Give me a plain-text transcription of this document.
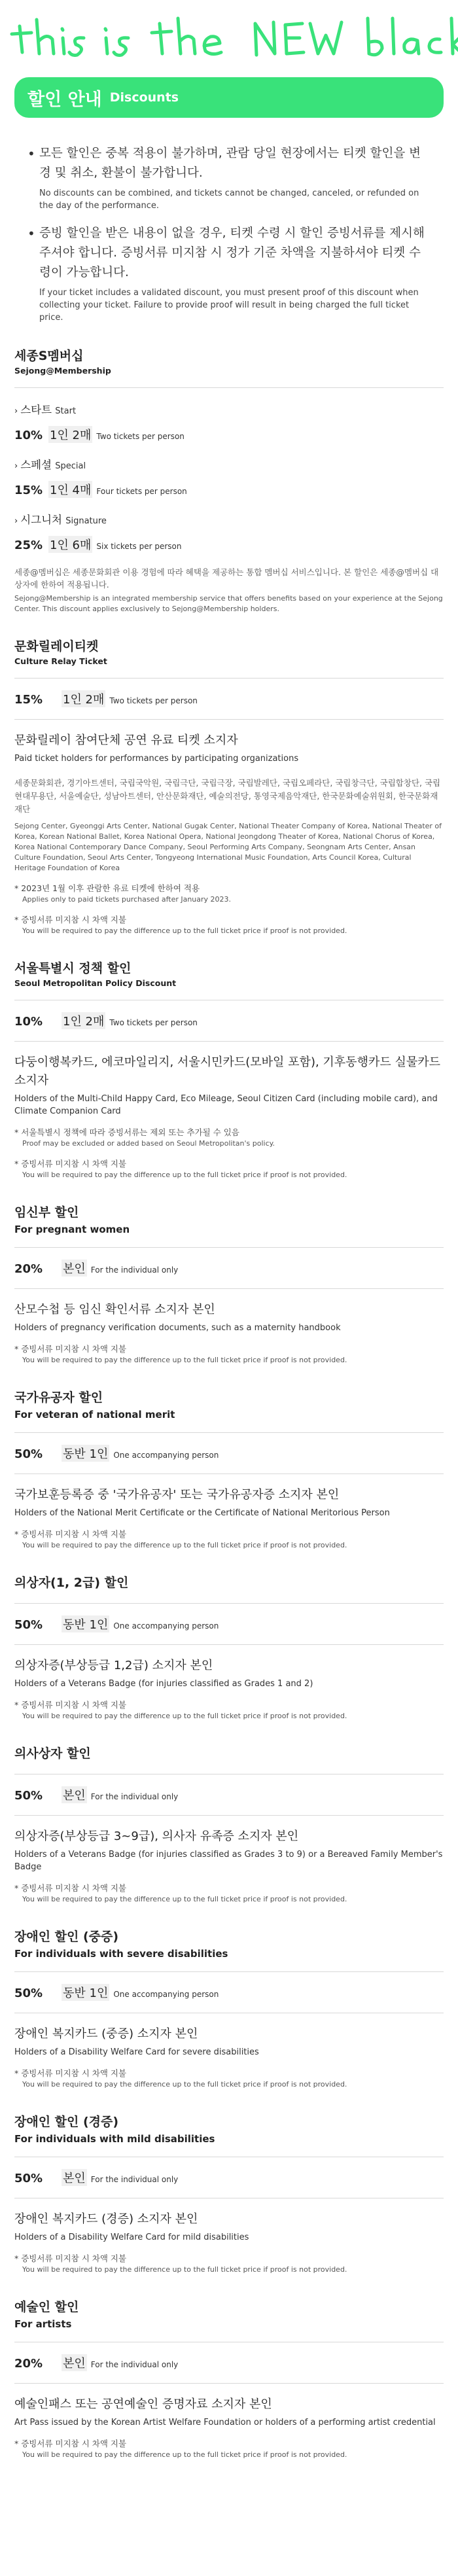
할인 안내 Discounts
• 모든 할인은 중복 적용이 불가하며, 관람 당일 현장에서는 티켓 할인을 변경 및 취소, 환불이 불가합니다.
No discounts can be combined, and tickets cannot be changed, canceled, or refunded on the day of the performance.
• 증빙 할인을 받은 내용이 없을 경우, 티켓 수령 시 할인 증빙서류를 제시해주셔야 합니다. 증빙서류 미지참 시 정가 기준 차액을 지불하셔야 티켓 수령이 가능합니다.
If your ticket includes a validated discount, you must present proof of this discount when collecting your ticket. Failure to provide proof will result in being charged the full ticket price.
세종S멤버십
Sejong@Membership
› 스타트 Start
10% 1인 2매 Two tickets per person
› 스페셜 Special
15% 1인 4매 Four tickets per person
› 시그니처 Signature
25% 1인 6매 Six tickets per person
세종@멤버십은 세종문화회관 이용 경험에 따라 혜택을 제공하는 통합 멤버십 서비스입니다. 본 할인은 세종@멤버십 대상자에 한하여 적용됩니다.
Sejong@Membership is an integrated membership service that offers benefits based on your experience at the Sejong Center. This discount applies exclusively to Sejong@Membership holders.
문화릴레이티켓
Culture Relay Ticket
15%	1인 2매 Two tickets per person
문화릴레이 참여단체 공연 유료 티켓 소지자
Paid ticket holders for performances by participating organizations
세종문화회관, 경기아트센터, 국립국악원, 국립극단, 국립극장, 국립발레단, 국립오페라단, 국립창극단, 국립합창단, 국립현대무용단, 서울예술단, 성남아트센터, 안산문화재단, 예술의전당, 통영국제음악재단, 한국문화예술위원회, 한국문화재재단
Sejong Center, Gyeonggi Arts Center, National Gugak Center, National Theater Company of Korea, National Theater of Korea, Korean National Ballet, Korea National Opera, National Jeongdong Theater of Korea, National Chorus of Korea, Korea National Contemporary Dance Company, Seoul Performing Arts Company, Seongnam Arts Center, Ansan Culture Foundation, Seoul Arts Center, Tongyeong International Music Foundation, Arts Council Korea, Cultural Heritage Foundation of Korea
* 2023년 1월 이후 관람한 유료 티켓에 한하여 적용
Applies only to paid tickets purchased after January 2023.
* 증빙서류 미지참 시 차액 지불
You will be required to pay the difference up to the full ticket price if proof is not provided.
서울특별시 정책 할인
Seoul Metropolitan Policy Discount
10%	1인 2매 Two tickets per person
다둥이행복카드, 에코마일리지, 서울시민카드(모바일 포함), 기후동행카드 실물카드 소지자
Holders of the Multi-Child Happy Card, Eco Mileage, Seoul Citizen Card (including mobile card), and Climate Companion Card
* 서울특별시 정책에 따라 증빙서류는 제외 또는 추가될 수 있음
Proof may be excluded or added based on Seoul Metropolitan's policy.
* 증빙서류 미지참 시 차액 지불
You will be required to pay the difference up to the full ticket price if proof is not provided.
임신부 할인
For pregnant women
20%	본인 For the individual only
산모수첩 등 임신 확인서류 소지자 본인
Holders of pregnancy verification documents, such as a maternity handbook
* 증빙서류 미지참 시 차액 지불
You will be required to pay the difference up to the full ticket price if proof is not provided.
국가유공자 할인
For veteran of national merit
50%	동반 1인 One accompanying person
국가보훈등록증 중 '국가유공자' 또는 국가유공자증 소지자 본인
Holders of the National Merit Certificate or the Certificate of National Meritorious Person
* 증빙서류 미지참 시 차액 지불
You will be required to pay the difference up to the full ticket price if proof is not provided.
의상자(1, 2급) 할인
50%	동반 1인 One accompanying person
의상자증(부상등급 1,2급) 소지자 본인
Holders of a Veterans Badge (for injuries classified as Grades 1 and 2)
* 증빙서류 미지참 시 차액 지불
You will be required to pay the difference up to the full ticket price if proof is not provided.
의사상자 할인
50%	본인 For the individual only
의상자증(부상등급 3~9급), 의사자 유족증 소지자 본인
Holders of a Veterans Badge (for injuries classified as Grades 3 to 9) or a Bereaved Family Member's Badge
* 증빙서류 미지참 시 차액 지불
You will be required to pay the difference up to the full ticket price if proof is not provided.
장애인 할인 (중증)
For individuals with severe disabilities
50%	동반 1인 One accompanying person
장애인 복지카드 (중증) 소지자 본인
Holders of a Disability Welfare Card for severe disabilities
* 증빙서류 미지참 시 차액 지불
You will be required to pay the difference up to the full ticket price if proof is not provided.
장애인 할인 (경증)
For individuals with mild disabilities
50%	본인 For the individual only
장애인 복지카드 (경증) 소지자 본인
Holders of a Disability Welfare Card for mild disabilities
* 증빙서류 미지참 시 차액 지불
You will be required to pay the difference up to the full ticket price if proof is not provided.
예술인 할인
For artists
20%	본인 For the individual only
예술인패스 또는 공연예술인 증명자료 소지자 본인
Art Pass issued by the Korean Artist Welfare Foundation or holders of a performing artist credential
* 증빙서류 미지참 시 차액 지불
You will be required to pay the difference up to the full ticket price if proof is not provided.
